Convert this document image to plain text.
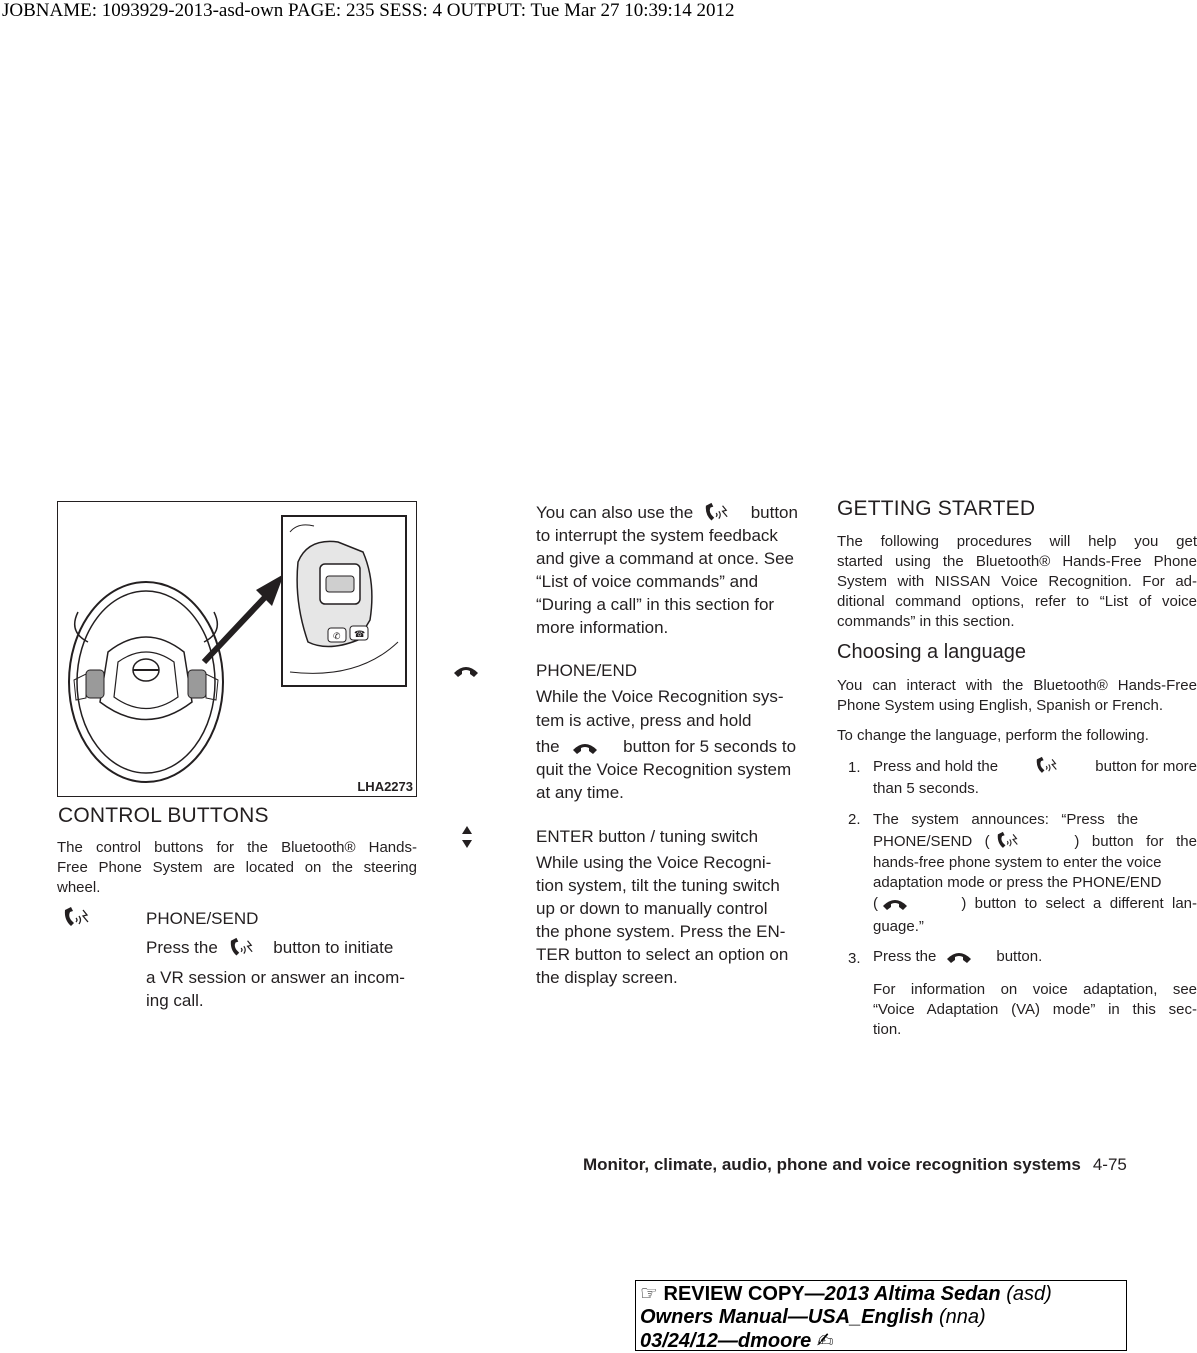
JOBNAME: 1093929-2013-asd-own PAGE: 235 SESS: 4 OUTPUT: Tue Mar 27 10:39:14 2012
✆ ☎
LHA2273
CONTROL BUTTONS
The control buttons for the Bluetooth® Hands-
Free Phone System are located on the steering
wheel.
PHONE/SEND
Press the	button to initiate
a VR session or answer an incom-
ing call.
You can also use the	button
to interrupt the system feedback
and give a command at once. See
“List of voice commands” and
“During a call” in this section for
more information.
PHONE/END
While the Voice Recognition sys-
tem is active, press and hold
the	button for 5 seconds to
quit the Voice Recognition system
at any time.
ENTER button / tuning switch
While using the Voice Recogni-
tion system, tilt the tuning switch
up or down to manually control
the phone system. Press the EN-
TER button to select an option on
the display screen.
GETTING STARTED
The following procedures will help you get
started using the Bluetooth® Hands-Free Phone
System with NISSAN Voice Recognition. For ad-
ditional command options, refer to “List of voice
commands” in this section.
Choosing a language
You can interact with the Bluetooth® Hands-Free
Phone System using English, Spanish or French.
To change the language, perform the following.
1. Press and hold the	button for more
than 5 seconds.
2. The   system   announces:   “Press   the
PHONE/SEND   (	)   button   for   the
hands-free phone system to enter the voice
adaptation mode or press the PHONE/END
(	)  button  to  select  a  different  lan-
guage.”
3. Press the	button.
For information on voice adaptation, see
“Voice Adaptation (VA) mode” in this sec-
tion.
Monitor, climate, audio, phone and voice recognition systems 4-75
☞ REVIEW COPY—2013 Altima Sedan (asd)
Owners Manual—USA_English (nna)
03/24/12—dmoore ✍
